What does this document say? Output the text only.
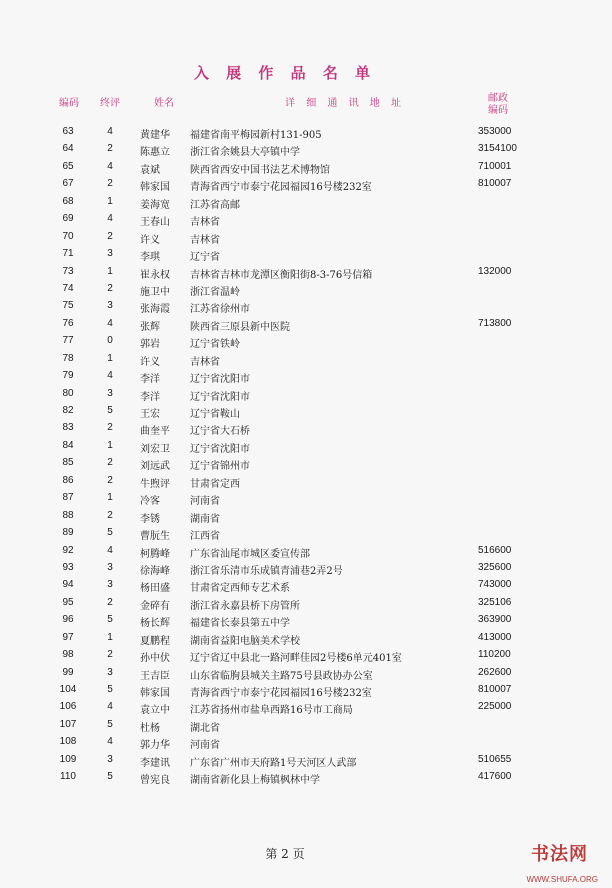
入 展 作 品 名 单
编码	终评	姓名	详 细 通 讯 地 址	邮政
编码
63	4	黄建华	福建省南平梅园新村131-905	353000
64	2	陈惠立	浙江省余姚县大亭镇中学	3154100
65	4	袁斌	陕西省西安中国书法艺术博物馆	710001
67	2	韩家国	青海省西宁市泰宁花园福园16号楼232室	810007
68	1	姜海宽	江苏省高邮
69	4	王春山	吉林省
70	2	许义	吉林省
71	3	李琪	辽宁省
73	1	崔永权	吉林省吉林市龙潭区衡阳街8-3-76号信箱	132000
74	2	施卫中	浙江省温岭
75	3	张海霞	江苏省徐州市
76	4	张辉	陕西省三原县新中医院	713800
77	0	郭岩	辽宁省铁岭
78	1	许义	吉林省
79	4	李洋	辽宁省沈阳市
80	3	李洋	辽宁省沈阳市
82	5	王宏	辽宁省鞍山
83	2	曲奎平	辽宁省大石桥
84	1	刘宏卫	辽宁省沈阳市
85	2	刘远武	辽宁省锦州市
86	2	牛煦评	甘肃省定西
87	1	冷客	河南省
88	2	李锈	湖南省
89	5	曹朊生	江西省
92	4	柯腾峰	广东省汕尾市城区委宣传部	516600
93	3	徐海峰	浙江省乐清市乐成镇青浦巷2弄2号	325600
94	3	杨田盛	甘肃省定西师专艺术系	743000
95	2	金碎有	浙江省永嘉县桥下房管所	325106
96	5	杨长辉	福建省长泰县第五中学	363900
97	1	夏鹏程	湖南省益阳电脑美术学校	413000
98	2	孙中伏	辽宁省辽中县北一路河畔佳园2号楼6单元401室	110200
99	3	王吉臣	山东省临朐县城关主路75号县政协办公室	262600
104	5	韩家国	青海省西宁市泰宁花园福园16号楼232室	810007
106	4	袁立中	江苏省扬州市盐阜西路16号市工商局	225000
107	5	杜杨	湖北省
108	4	郭力华	河南省
109	3	李建讯	广东省广州市天府路1号天河区人武部	510655
110	5	曾宪良	湖南省新化县上梅镇枫林中学	417600
第 2 页	书法网
WWW.SHUFA.ORG
